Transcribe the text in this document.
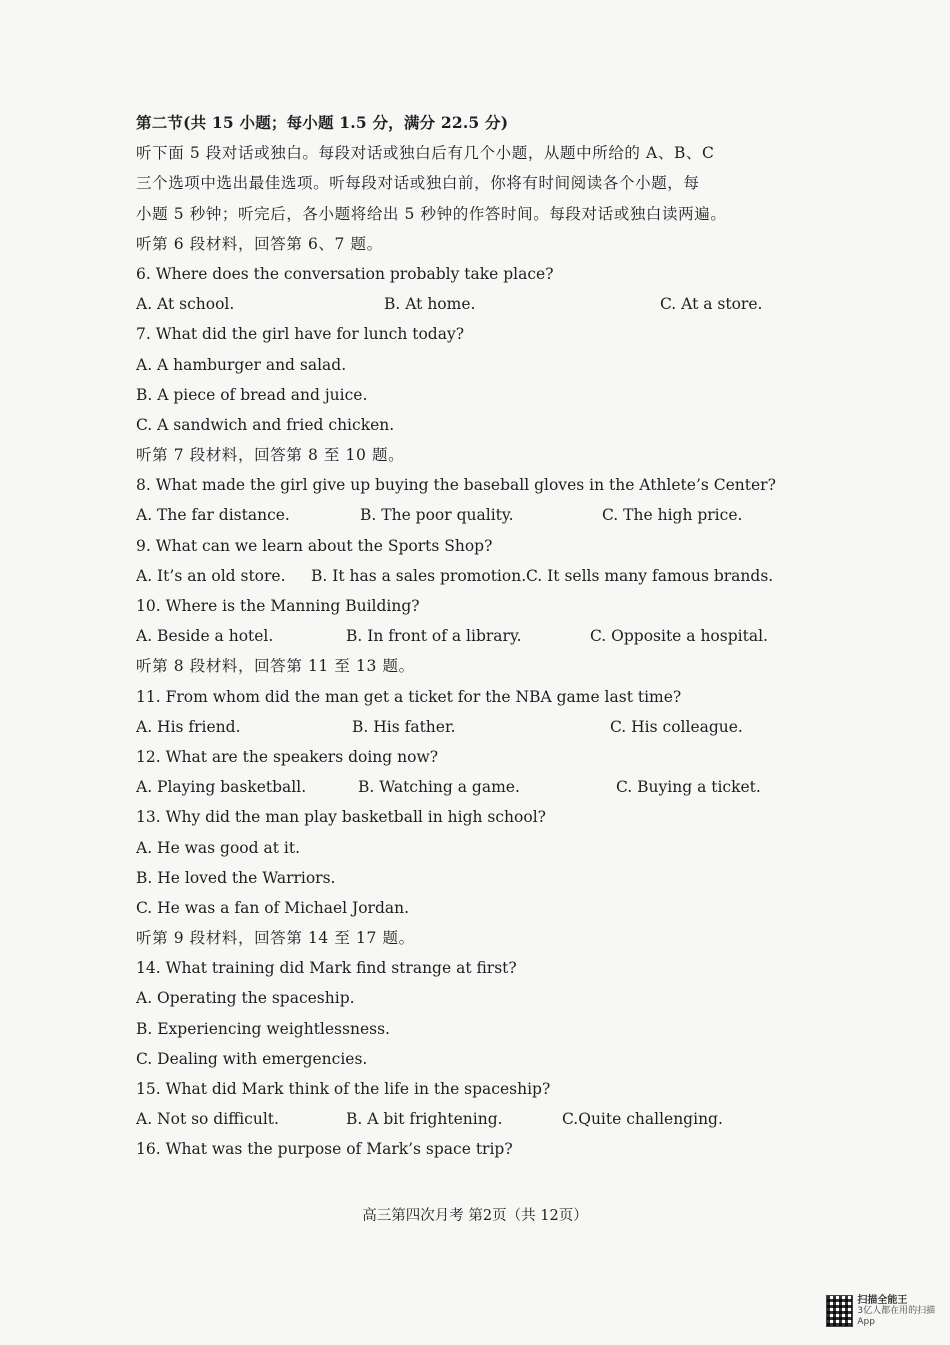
第二节(共 15 小题；每小题 1.5 分，满分 22.5 分)
听下面 5 段对话或独白。每段对话或独白后有几个小题，从题中所给的 A、B、C
三个选项中选出最佳选项。听每段对话或独白前，你将有时间阅读各个小题，每
小题 5 秒钟；听完后，各小题将给出 5 秒钟的作答时间。每段对话或独白读两遍。
听第 6 段材料，回答第 6、7 题。
6. Where does the conversation probably take place?
A. At school.	B. At home.	C. At a store.
7. What did the girl have for lunch today?
A. A hamburger and salad.
B. A piece of bread and juice.
C. A sandwich and fried chicken.
听第 7 段材料，回答第 8 至 10 题。
8. What made the girl give up buying the baseball gloves in the Athlete’s Center?
A. The far distance.	B. The poor quality.	C. The high price.
9. What can we learn about the Sports Shop?
A. It’s an old store. B. It has a sales promotion. C. It sells many famous brands.
10. Where is the Manning Building?
A. Beside a hotel.	B. In front of a library.	C. Opposite a hospital.
听第 8 段材料，回答第 11 至 13 题。
11. From whom did the man get a ticket for the NBA game last time?
A. His friend.	B. His father.	C. His colleague.
12. What are the speakers doing now?
A. Playing basketball.	B. Watching a game.	C. Buying a ticket.
13. Why did the man play basketball in high school?
A. He was good at it.
B. He loved the Warriors.
C. He was a fan of Michael Jordan.
听第 9 段材料，回答第 14 至 17 题。
14. What training did Mark find strange at first?
A. Operating the spaceship.
B. Experiencing weightlessness.
C. Dealing with emergencies.
15. What did Mark think of the life in the spaceship?
A. Not so difficult.	B. A bit frightening.	C.Quite challenging.
16. What was the purpose of Mark’s space trip?
高三第四次月考 第2页（共 12页）
扫描全能王
3亿人都在用的扫描App
